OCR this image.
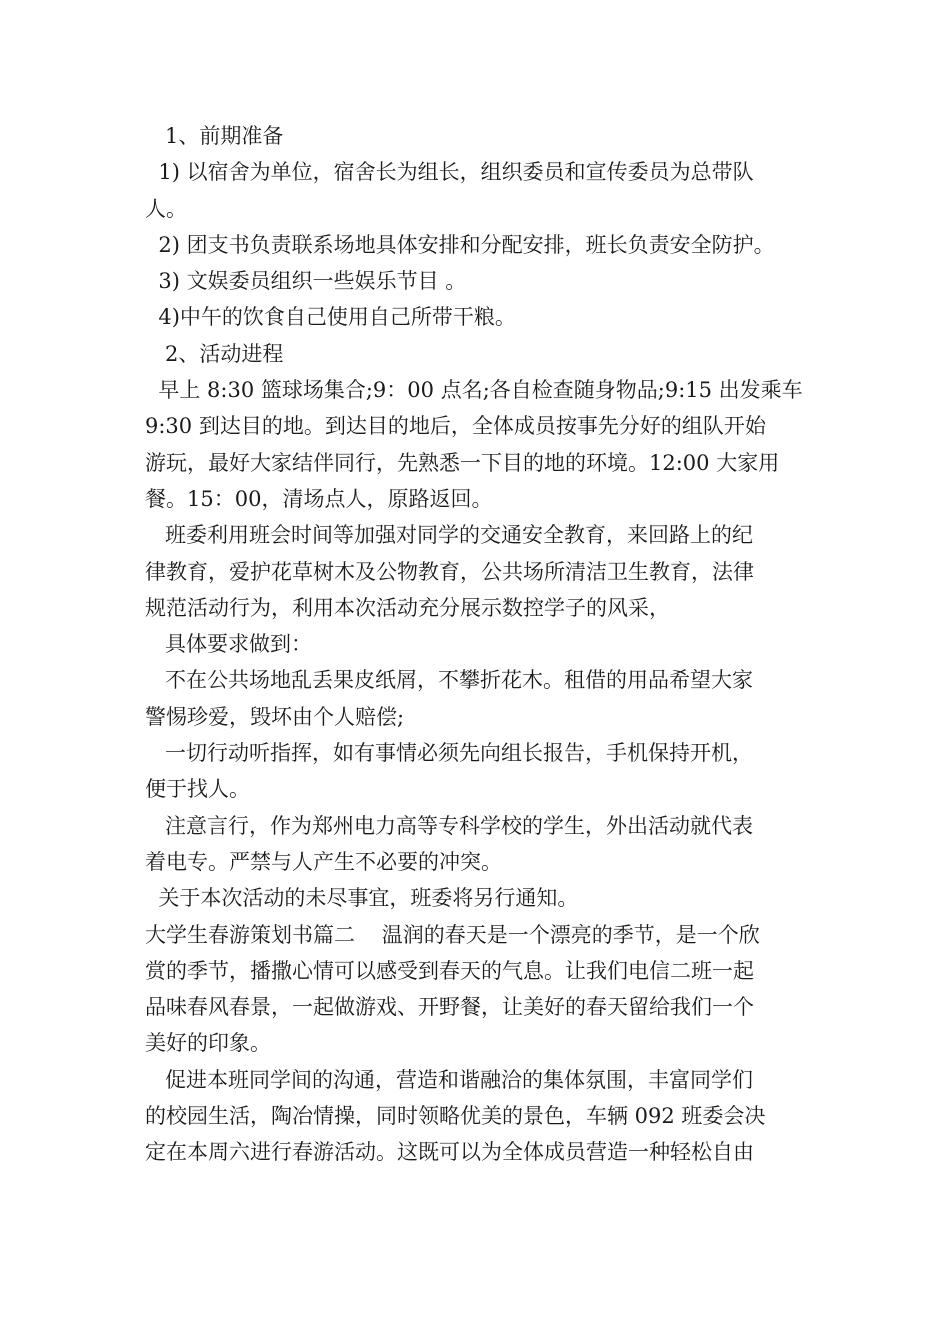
1、前期准备
1) 以宿舍为单位，宿舍长为组长，组织委员和宣传委员为总带队
人。
2) 团支书负责联系场地具体安排和分配安排，班长负责安全防护。
3) 文娱委员组织一些娱乐节目 。
4)中午的饮食自己使用自己所带干粮。
2、活动进程
早上 8:30 篮球场集合;9：00 点名;各自检查随身物品;9:15 出发乘车
9:30 到达目的地。到达目的地后，全体成员按事先分好的组队开始
游玩，最好大家结伴同行，先熟悉一下目的地的环境。12:00 大家用
餐。15：00，清场点人，原路返回。
班委利用班会时间等加强对同学的交通安全教育，来回路上的纪
律教育，爱护花草树木及公物教育，公共场所清洁卫生教育，法律
规范活动行为，利用本次活动充分展示数控学子的风采，
具体要求做到：
不在公共场地乱丢果皮纸屑，不攀折花木。租借的用品希望大家
警惕珍爱，毁坏由个人赔偿;
一切行动听指挥，如有事情必须先向组长报告，手机保持开机，
便于找人。
注意言行，作为郑州电力高等专科学校的学生，外出活动就代表
着电专。严禁与人产生不必要的冲突。
关于本次活动的未尽事宜，班委将另行通知。
大学生春游策划书篇二    温润的春天是一个漂亮的季节，是一个欣
赏的季节，播撒心情可以感受到春天的气息。让我们电信二班一起
品味春风春景，一起做游戏、开野餐，让美好的春天留给我们一个
美好的印象。
促进本班同学间的沟通，营造和谐融洽的集体氛围，丰富同学们
的校园生活，陶冶情操，同时领略优美的景色，车辆 092 班委会决
定在本周六进行春游活动。这既可以为全体成员营造一种轻松自由
